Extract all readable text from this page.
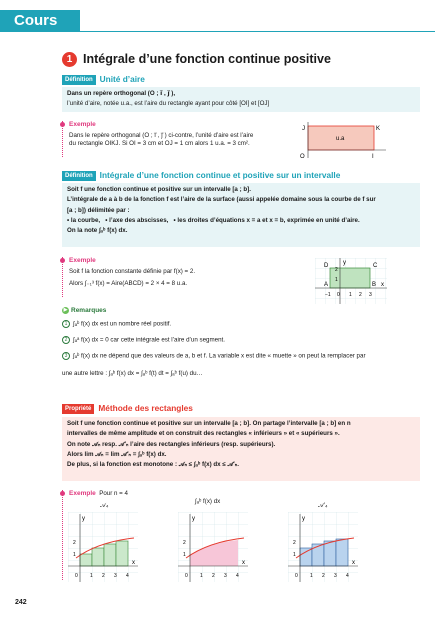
Cours
1 Intégrale d’une fonction continue positive
Définition Unité d’aire

Dans un repère orthogonal (O ; i⃗ , j⃗ ),

l’unité d’aire, notée u.a., est l’aire du rectangle ayant pour côté [OI] et [OJ]

Exemple
Dans le repère orthogonal (O ; i⃗ , j⃗ ) ci-contre, l’unité d’aire est l’aire
du rectangle OIKJ. Si OI = 3 cm et OJ = 1 cm alors 1 u.a. = 3 cm².
J	K
O	I
u.a
Définition Intégrale d’une fonction continue et positive sur un intervalle

Soit f une fonction continue et positive sur un intervalle [a ; b].

L’intégrale de a à b de la fonction f est l’aire de la surface (aussi appelée domaine sous la courbe de f sur

[a ; b]) délimitée par :

• la courbe, • l’axe des abscisses, • les droites d’équations x = a et x = b, exprimée en unité d’aire.

On la note ∫ₐᵇ f(x) dx.

Exemple
Soit f la fonction constante définie par f(x) = 2.
Alors ∫₋₁³ f(x) = Aire(ABCD) = 2 × 4 = 8 u.a.
D	C
A	B
y
x
2
1
−1 0 1 2 3
▶ Remarques
1 ∫ₐᵇ f(x) dx est un nombre réel positif.
2 ∫ₐᵃ f(x) dx = 0 car cette intégrale est l’aire d’un segment.
3 ∫ₐᵇ f(x) dx ne dépend que des valeurs de a, b et f. La variable x est dite « muette » on peut la remplacer par
une autre lettre : ∫ₐᵇ f(x) dx = ∫ₐᵇ f(t) dt = ∫ₐᵇ f(u) du…
Propriété Méthode des rectangles

Soit f une fonction continue et positive sur un intervalle [a ; b]. On partage l’intervalle [a ; b] en n

intervalles de même amplitude et on construit des rectangles « inférieurs » et « supérieurs ».

On note 𝒜ₙ resp. 𝒜′ₙ l’aire des rectangles inférieurs (resp. supérieurs).

Alors lim 𝒜ₙ = lim 𝒜′ₙ = ∫ₐᵇ f(x) dx.

De plus, si la fonction est monotone : 𝒜ₙ ≤ ∫ₐᵇ f(x) dx ≤ 𝒜′ₙ.

Exemple Pour n = 4
𝒜₄
∫ₐᵇ f(x) dx
𝒜′₄
y
x
0 1 2 3 4
1
2
y
x
0 1 2 3 4
1
2
y
x
0 1 2 3 4
1
2
242
